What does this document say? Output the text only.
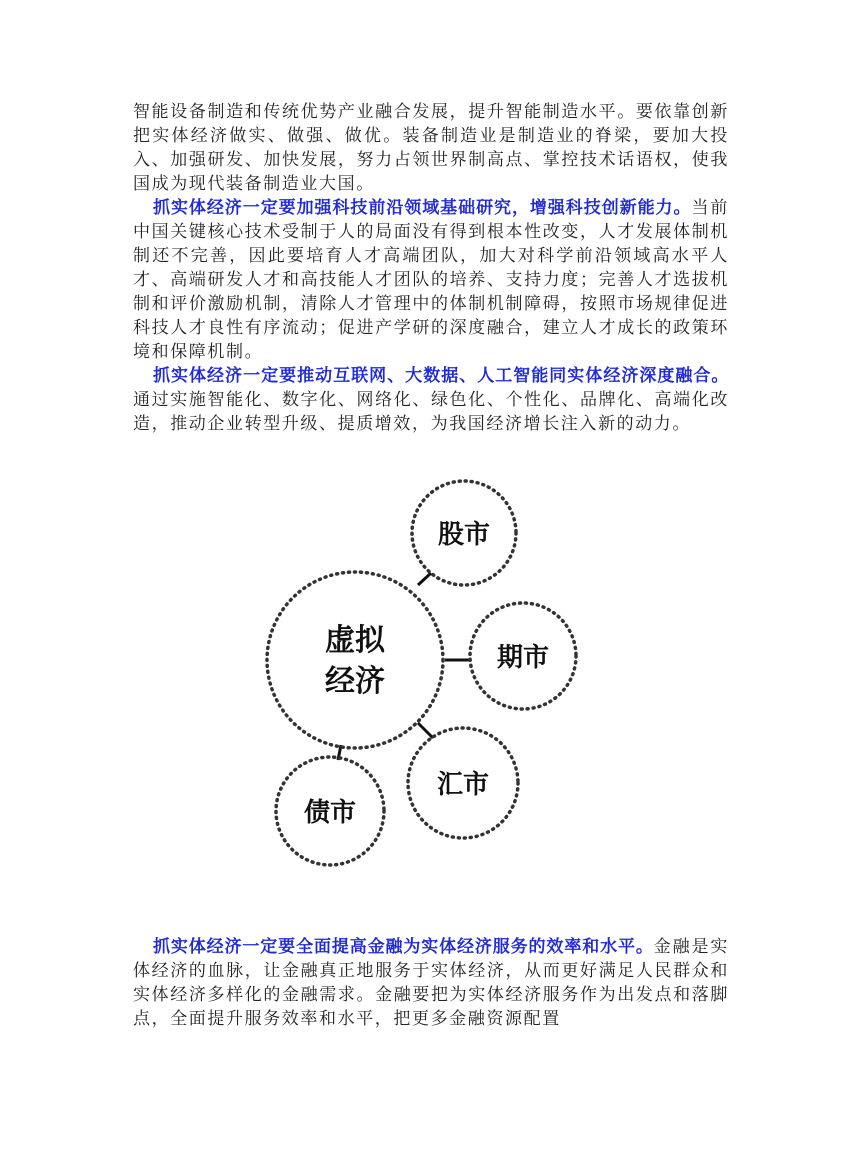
智能设备制造和传统优势产业融合发展，提升智能制造水平。要依靠创新把实体经济做实、做强、做优。装备制造业是制造业的脊梁，要加大投入、加强研发、加快发展，努力占领世界制高点、掌控技术话语权，使我国成为现代装备制造业大国。

抓实体经济一定要加强科技前沿领域基础研究，增强科技创新能力。当前中国关键核心技术受制于人的局面没有得到根本性改变，人才发展体制机制还不完善，因此要培育人才高端团队，加大对科学前沿领域高水平人才、高端研发人才和高技能人才团队的培养、支持力度；完善人才选拔机制和评价激励机制，清除人才管理中的体制机制障碍，按照市场规律促进科技人才良性有序流动；促进产学研的深度融合，建立人才成长的政策环境和保障机制。

抓实体经济一定要推动互联网、大数据、人工智能同实体经济深度融合。通过实施智能化、数字化、网络化、绿色化、个性化、品牌化、高端化改造，推动企业转型升级、提质增效，为我国经济增长注入新的动力。

虚拟
经济
股市
期市
汇市
债市

抓实体经济一定要全面提高金融为实体经济服务的效率和水平。金融是实体经济的血脉，让金融真正地服务于实体经济，从而更好满足人民群众和实体经济多样化的金融需求。金融要把为实体经济服务作为出发点和落脚点，全面提升服务效率和水平，把更多金融资源配置
